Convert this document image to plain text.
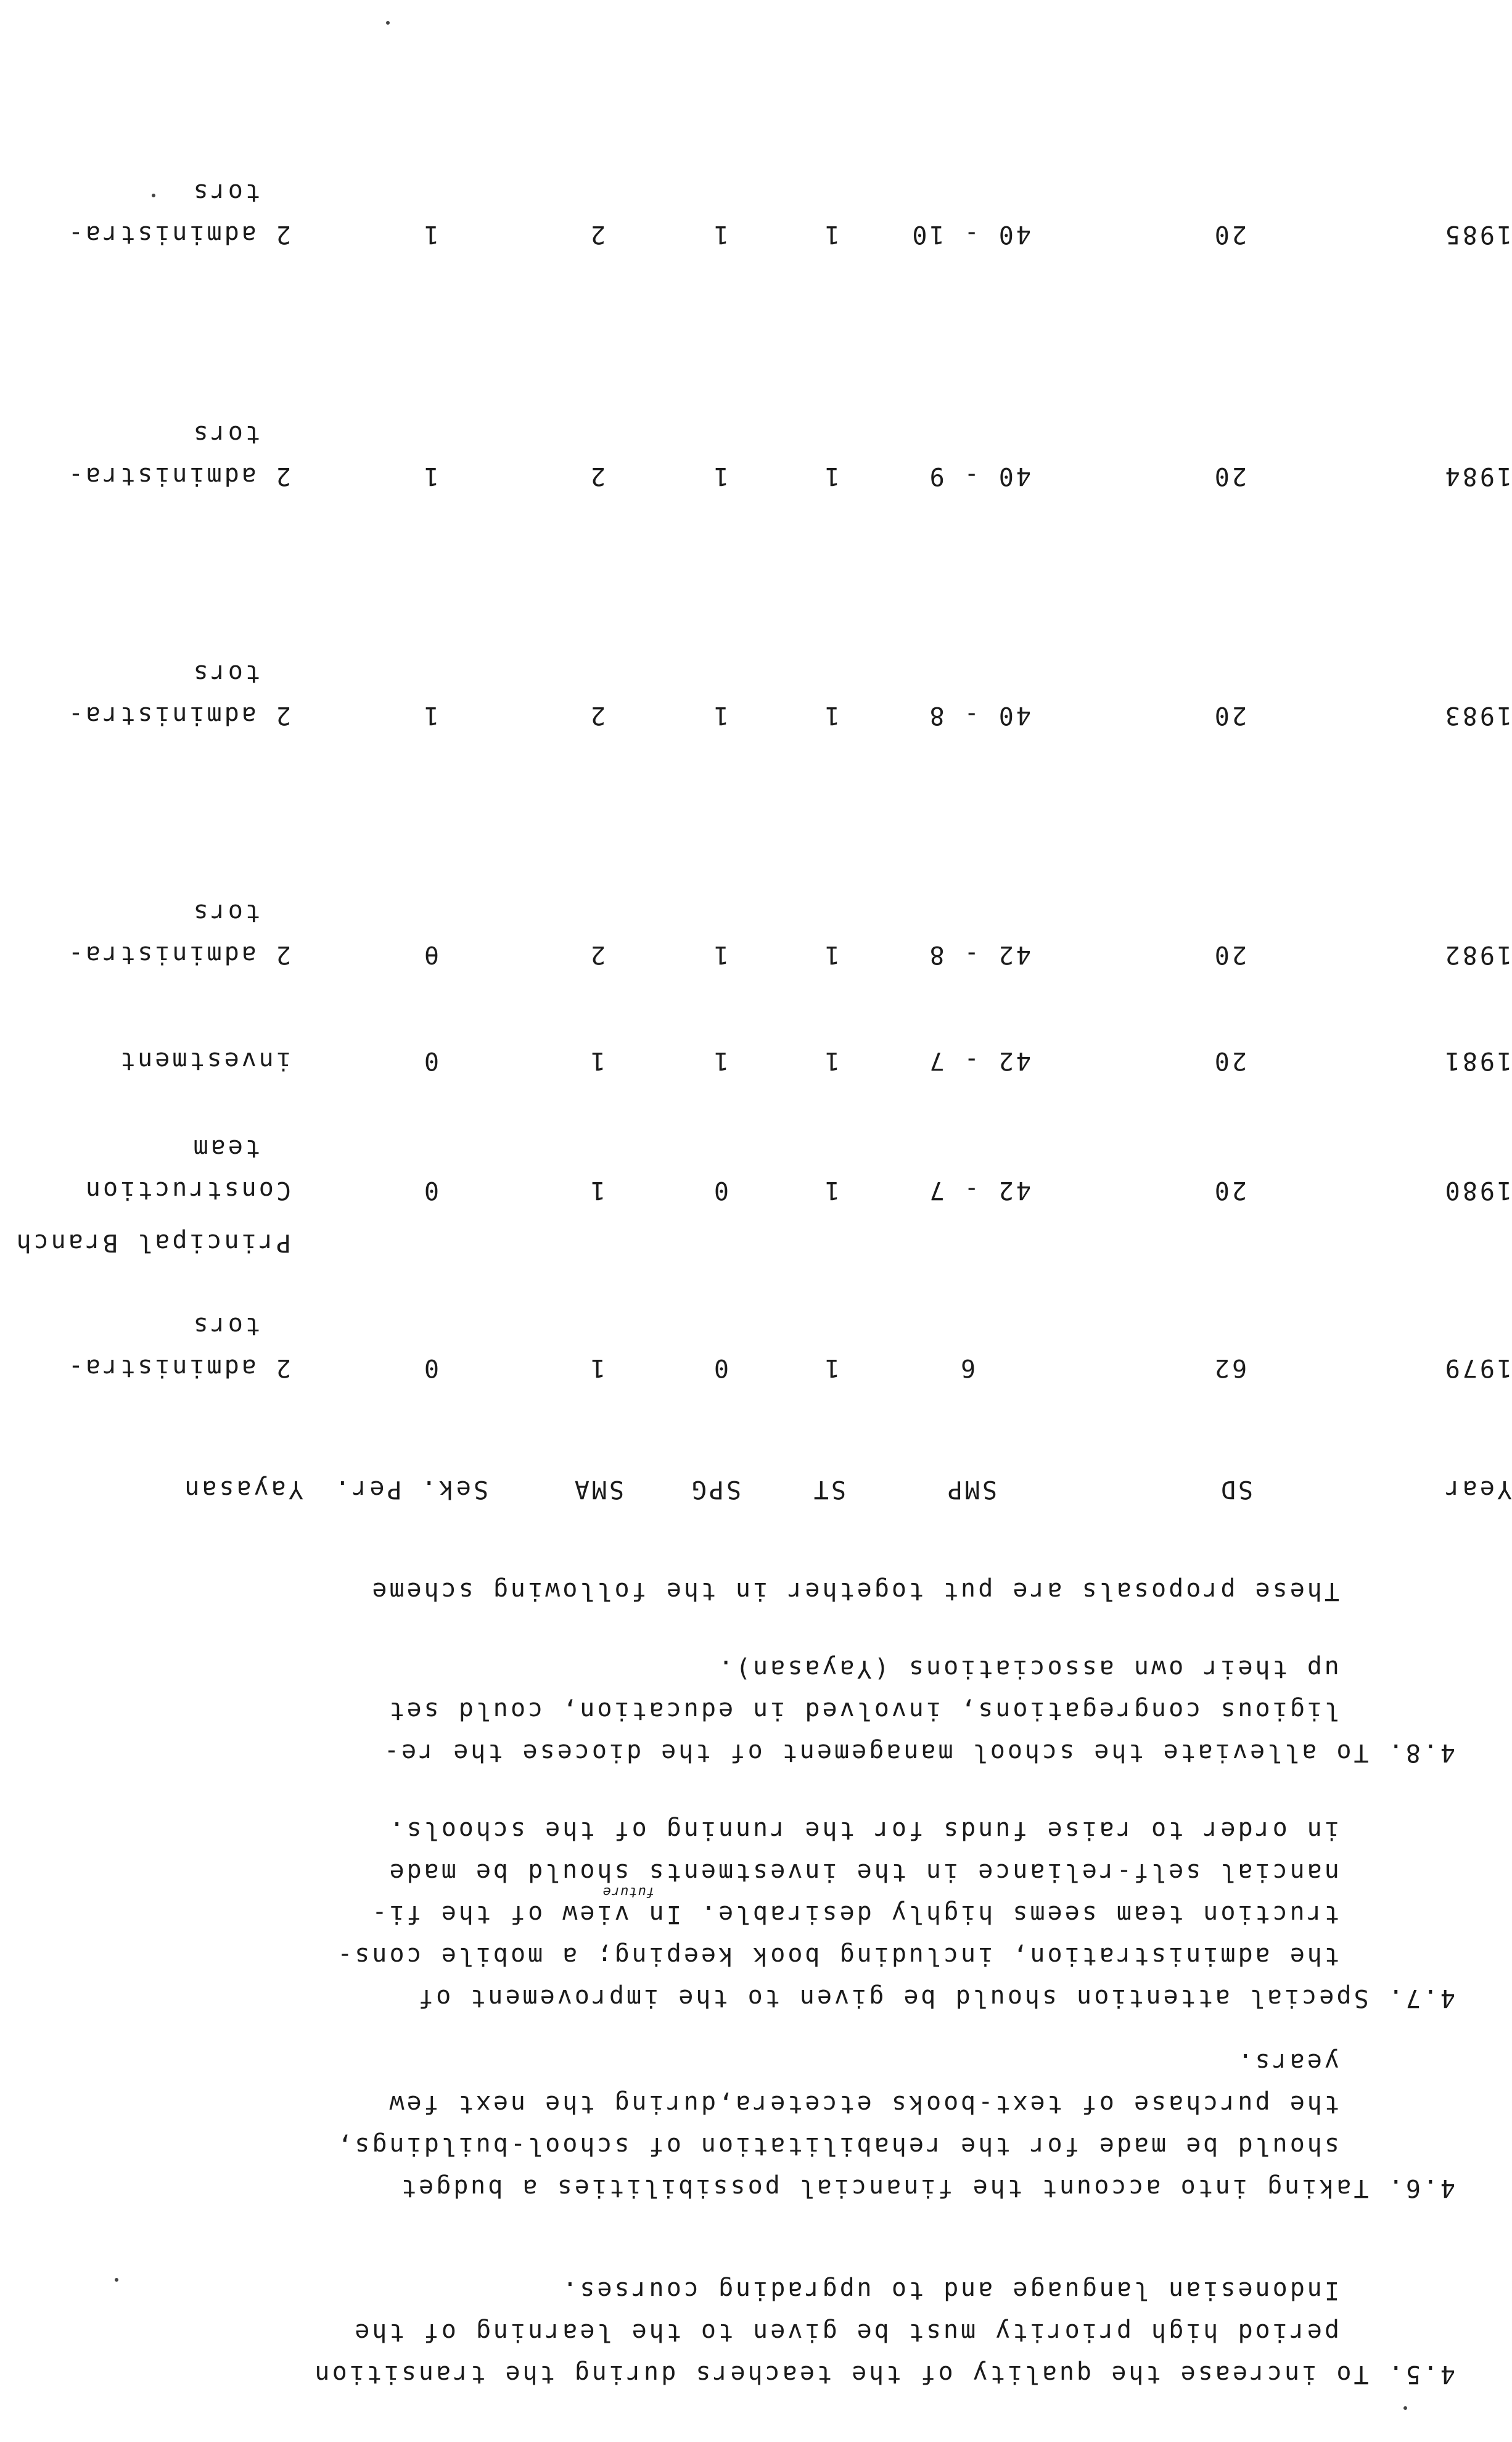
4.5. To increase the quality of the teachers during the transition
period high priority must be given to the learning of the
Indonesian language and to upgrading courses.
4.6. Taking into account the financial possibilities a budget
should be made for the rehabilitation of school-buildings,
the purchase of text-books etcetera,during the next few
years.
4.7. Special attention should be given to the improvement of
the administration, including book keeping; a mobile cons-
truction team seems highly desirable. In view of the fi-
future
nancial self-reliance in the investments should be made
in order to raise funds for the running of the schools.
4.8. To alleviate the school management of the diocese the re-
ligious congregations, involved in education, could set
up their own associations (Yayasan).
These proposals are put together in the following scheme
Year
SD
SMP
ST
SPG
SMA
Sek. Per.
Yayasan
1979
62
6
1
0
1
0
2 administra-
tors
Principal Branch
1980
20
42 - 7
1
0
1
0
Construction
team
1981
20
42 - 7
1
1
1
0
investment
1982
20
42 - 8
1
1
2
θ
2 administra-
tors
1983
20
40 - 8
1
1
2
1
2 administra-
tors
1984
20
40 - 9
1
1
2
1
2 administra-
tors
1985
20
40 - 10
1
1
2
1
2 administra-
tors
